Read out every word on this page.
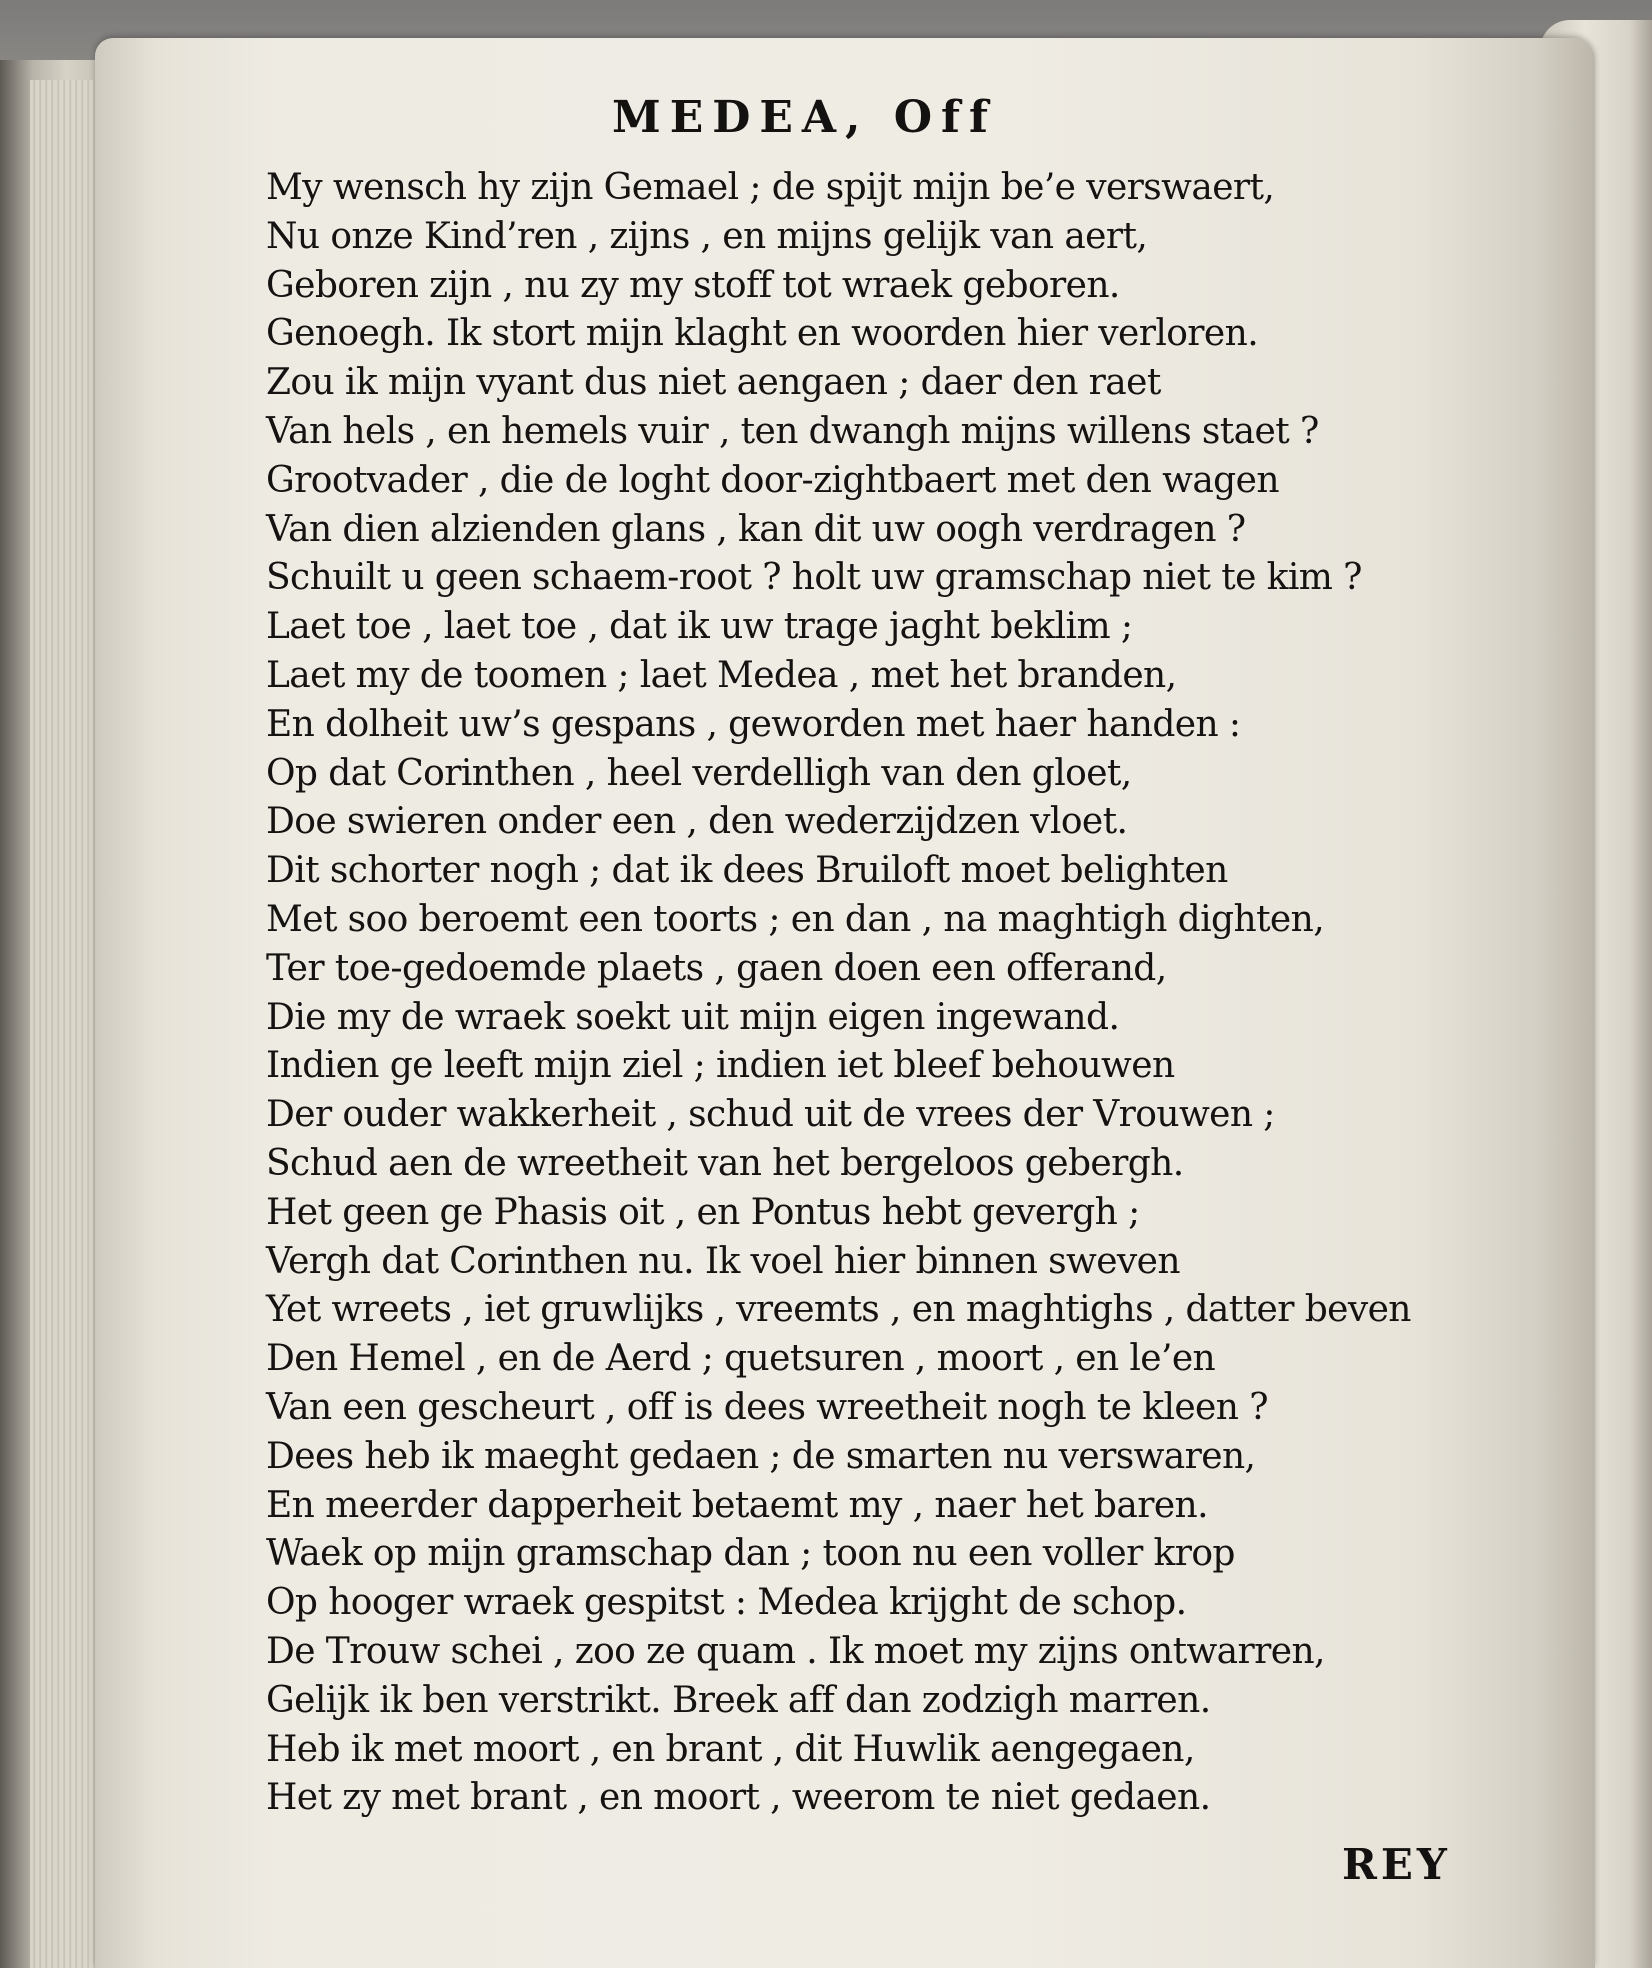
MEDEA, Off
My wensch hy zijn Gemael ; de spijt mijn be’e verswaert,
Nu onze Kind’ren , zijns , en mijns gelijk van aert,
Geboren zijn , nu zy my stoff tot wraek geboren.
Genoegh. Ik stort mijn klaght en woorden hier verloren.
Zou ik mijn vyant dus niet aengaen ; daer den raet
Van hels , en hemels vuir , ten dwangh mijns willens staet ?
Grootvader , die de loght door-zightbaert met den wagen
Van dien alzienden glans , kan dit uw oogh verdragen ?
Schuilt u geen schaem-root ? holt uw gramschap niet te kim ?
Laet toe , laet toe , dat ik uw trage jaght beklim ;
Laet my de toomen ; laet Medea , met het branden,
En dolheit uw’s gespans , geworden met haer handen :
Op dat Corinthen , heel verdelligh van den gloet,
Doe swieren onder een , den wederzijdzen vloet.
Dit schorter nogh ; dat ik dees Bruiloft moet belighten
Met soo beroemt een toorts ; en dan , na maghtigh dighten,
Ter toe-gedoemde plaets , gaen doen een offerand,
Die my de wraek soekt uit mijn eigen ingewand.
Indien ge leeft mijn ziel ; indien iet bleef behouwen
Der ouder wakkerheit , schud uit de vrees der Vrouwen ;
Schud aen de wreetheit van het bergeloos gebergh.
Het geen ge Phasis oit , en Pontus hebt gevergh ;
Vergh dat Corinthen nu. Ik voel hier binnen sweven
Yet wreets , iet gruwlijks , vreemts , en maghtighs , datter beven
Den Hemel , en de Aerd ; quetsuren , moort , en le’en
Van een gescheurt , off is dees wreetheit nogh te kleen ?
Dees heb ik maeght gedaen ; de smarten nu verswaren,
En meerder dapperheit betaemt my , naer het baren.
Waek op mijn gramschap dan ; toon nu een voller krop
Op hooger wraek gespitst : Medea krijght de schop.
De Trouw schei , zoo ze quam . Ik moet my zijns ontwarren,
Gelijk ik ben verstrikt. Breek aff dan zodzigh marren.
Heb ik met moort , en brant , dit Huwlik aengegaen,
Het zy met brant , en moort , weerom te niet gedaen.
REY
